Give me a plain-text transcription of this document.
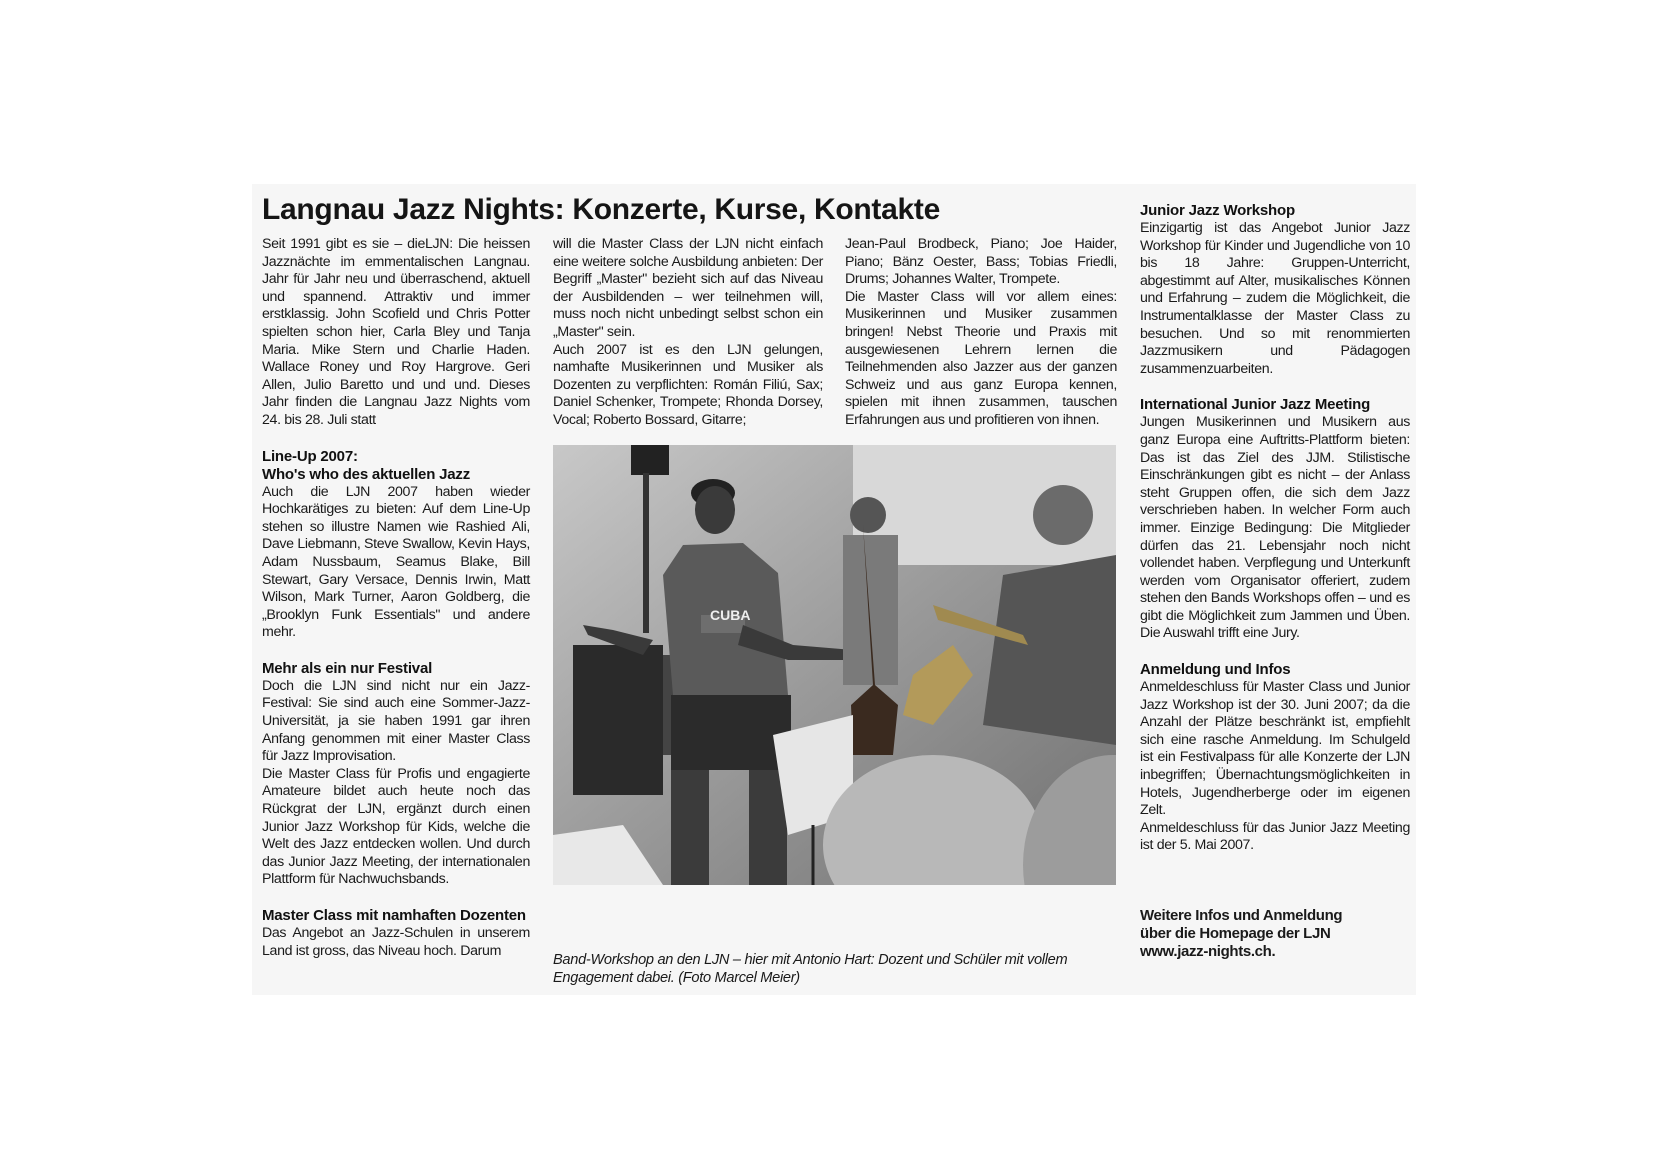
Langnau Jazz Nights: Konzerte, Kurse, Kontakte

Seit 1991 gibt es sie – dieLJN: Die heissen Jazznächte im emmentalischen Langnau. Jahr für Jahr neu und überraschend, aktuell und spannend. Attraktiv und immer erstklassig. John Scofield und Chris Potter spielten schon hier, Carla Bley und Tanja Maria. Mike Stern und Charlie Haden. Wallace Roney und Roy Hargrove. Geri Allen, Julio Baretto und und und. Dieses Jahr finden die Langnau Jazz Nights vom 24. bis 28. Juli statt

Line-Up 2007:
Who's who des aktuellen Jazz

Auch die LJN 2007 haben wieder Hochkarätiges zu bieten: Auf dem Line-Up stehen so illustre Namen wie Rashied Ali, Dave Liebmann, Steve Swallow, Kevin Hays, Adam Nussbaum, Seamus Blake, Bill Stewart, Gary Versace, Dennis Irwin, Matt Wilson, Mark Turner, Aaron Goldberg, die „Brooklyn Funk Essentials" und andere mehr.

Mehr als ein nur Festival

Doch die LJN sind nicht nur ein Jazz-Festival: Sie sind auch eine Sommer-Jazz-Universität, ja sie haben 1991 gar ihren Anfang genommen mit einer Master Class für Jazz Improvisation.

Die Master Class für Profis und engagierte Amateure bildet auch heute noch das Rückgrat der LJN, ergänzt durch einen Junior Jazz Workshop für Kids, welche die Welt des Jazz entdecken wollen. Und durch das Junior Jazz Meeting, der internationalen Plattform für Nachwuchsbands.

Master Class mit namhaften Dozenten

Das Angebot an Jazz-Schulen in unserem Land ist gross, das Niveau hoch. Darum

will die Master Class der LJN nicht einfach eine weitere solche Ausbildung anbieten: Der Begriff „Master" bezieht sich auf das Niveau der Ausbildenden – wer teilnehmen will, muss noch nicht unbedingt selbst schon ein „Master" sein.

Auch 2007 ist es den LJN gelungen, namhafte Musikerinnen und Musiker als Dozenten zu verpflichten: Román Filiú, Sax; Daniel Schenker, Trompete; Rhonda Dorsey, Vocal; Roberto Bossard, Gitarre;

Jean-Paul Brodbeck, Piano; Joe Haider, Piano; Bänz Oester, Bass; Tobias Friedli, Drums; Johannes Walter, Trompete.

Die Master Class will vor allem eines: Musikerinnen und Musiker zusammen bringen! Nebst Theorie und Praxis mit ausgewiesenen Lehrern lernen die Teilnehmenden also Jazzer aus der ganzen Schweiz und aus ganz Europa kennen, spielen mit ihnen zusammen, tauschen Erfahrungen aus und profitieren von ihnen.

CUBA

Band-Workshop an den LJN – hier mit Antonio Hart: Dozent und Schüler mit vollem Engagement dabei. (Foto Marcel Meier)

Junior Jazz Workshop

Einzigartig ist das Angebot Junior Jazz Workshop für Kinder und Jugendliche von 10 bis 18 Jahre: Gruppen-Unterricht, abgestimmt auf Alter, musikalisches Können und Erfahrung – zudem die Möglichkeit, die Instrumentalklasse der Master Class zu besuchen. Und so mit renommierten Jazzmusikern und Pädagogen zusammenzuarbeiten.

International Junior Jazz Meeting

Jungen Musikerinnen und Musikern aus ganz Europa eine Auftritts-Plattform bieten: Das ist das Ziel des JJM. Stilistische Einschränkungen gibt es nicht – der Anlass steht Gruppen offen, die sich dem Jazz verschrieben haben. In welcher Form auch immer. Einzige Bedingung: Die Mitglieder dürfen das 21. Lebensjahr noch nicht vollendet haben. Verpflegung und Unterkunft werden vom Organisator offeriert, zudem stehen den Bands Workshops offen – und es gibt die Möglichkeit zum Jammen und Üben. Die Auswahl trifft eine Jury.

Anmeldung und Infos

Anmeldeschluss für Master Class und Junior Jazz Workshop ist der 30. Juni 2007; da die Anzahl der Plätze beschränkt ist, empfiehlt sich eine rasche Anmeldung. Im Schulgeld ist ein Festivalpass für alle Konzerte der LJN inbegriffen; Übernachtungsmöglichkeiten in Hotels, Jugendherberge oder im eigenen Zelt.

Anmeldeschluss für das Junior Jazz Meeting ist der 5. Mai 2007.

Weitere Infos und Anmeldung

über die Homepage der LJN

www.jazz-nights.ch.
